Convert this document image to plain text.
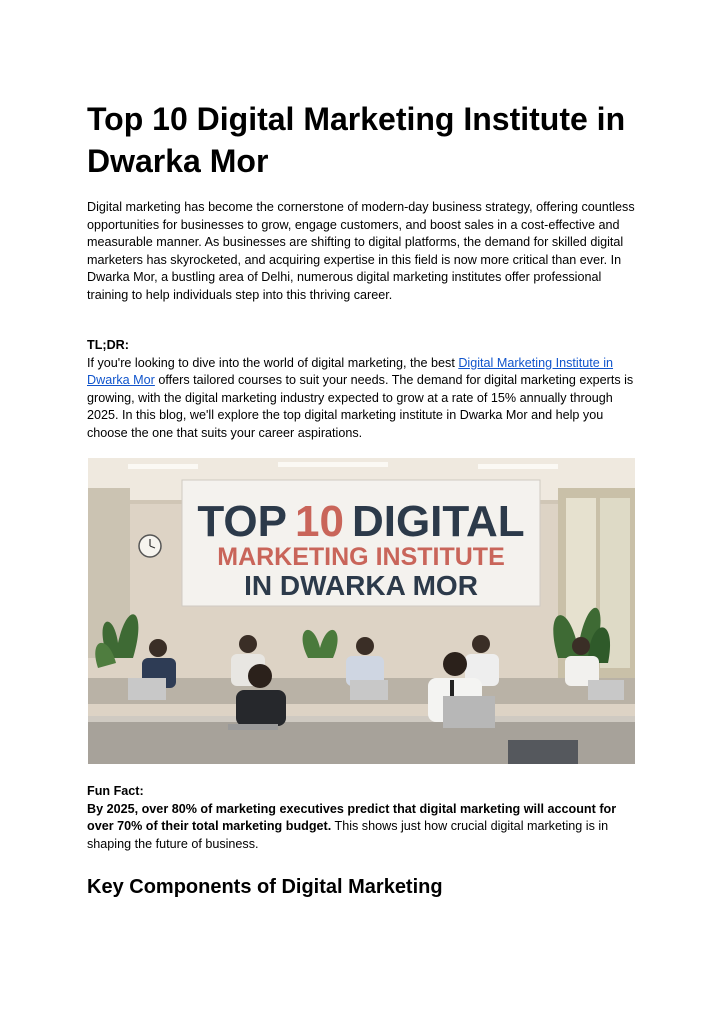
Top 10 Digital Marketing Institute in Dwarka Mor

Digital marketing has become the cornerstone of modern-day business strategy, offering countless opportunities for businesses to grow, engage customers, and boost sales in a cost-effective and measurable manner. As businesses are shifting to digital platforms, the demand for skilled digital marketers has skyrocketed, and acquiring expertise in this field is now more critical than ever. In Dwarka Mor, a bustling area of Delhi, numerous digital marketing institutes offer professional training to help individuals step into this thriving career.

TL;DR:
If you're looking to dive into the world of digital marketing, the best Digital Marketing Institute in Dwarka Mor offers tailored courses to suit your needs. The demand for digital marketing experts is growing, with the digital marketing industry expected to grow at a rate of 15% annually through 2025. In this blog, we'll explore the top digital marketing institute in Dwarka Mor and help you choose the one that suits your career aspirations.
TOP 10 DIGITAL
MARKETING INSTITUTE
IN DWARKA MOR
Fun Fact:
By 2025, over 80% of marketing executives predict that digital marketing will account for over 70% of their total marketing budget. This shows just how crucial digital marketing is in shaping the future of business.
Key Components of Digital Marketing
